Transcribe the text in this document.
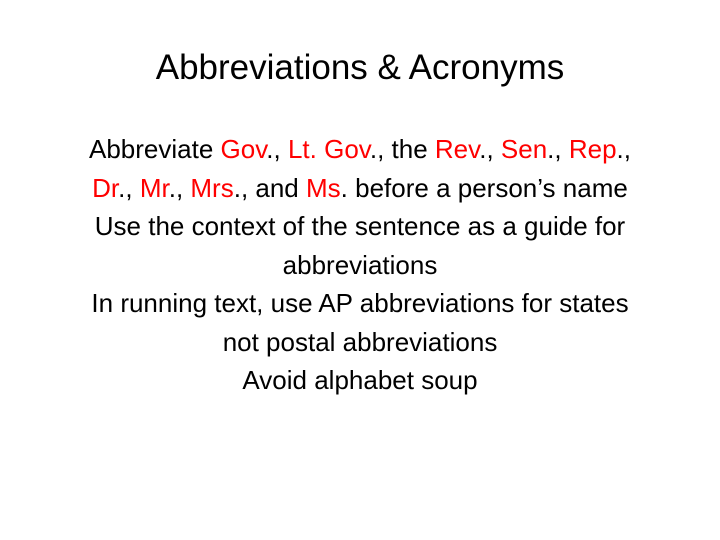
Abbreviations & Acronyms
Abbreviate Gov., Lt. Gov., the Rev., Sen., Rep.,
Dr., Mr., Mrs., and Ms. before a person’s name
Use the context of the sentence as a guide for
abbreviations
In running text, use AP abbreviations for states
not postal abbreviations
Avoid alphabet soup
